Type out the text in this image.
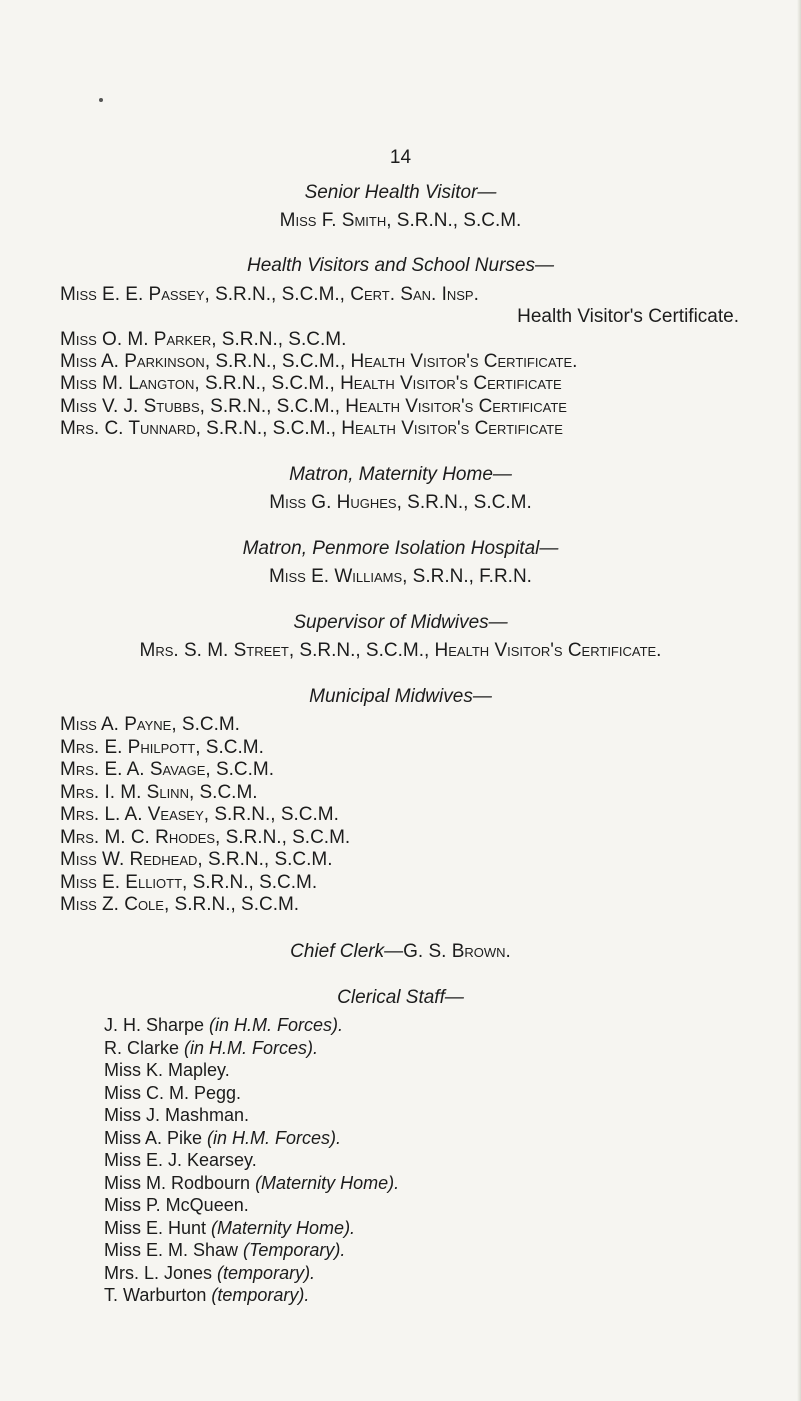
14
Senior Health Visitor—
Miss F. Smith, S.R.N., S.C.M.
Health Visitors and School Nurses—
Miss E. E. Passey, S.R.N., S.C.M., Cert. San. Insp.
Health Visitor's Certificate.
Miss O. M. Parker, S.R.N., S.C.M.
Miss A. Parkinson, S.R.N., S.C.M., Health Visitor's Certificate.
Miss M. Langton, S.R.N., S.C.M., Health Visitor's Certificate
Miss V. J. Stubbs, S.R.N., S.C.M., Health Visitor's Certificate
Mrs. C. Tunnard, S.R.N., S.C.M., Health Visitor's Certificate
Matron, Maternity Home—
Miss G. Hughes, S.R.N., S.C.M.
Matron, Penmore Isolation Hospital—
Miss E. Williams, S.R.N., F.R.N.
Supervisor of Midwives—
Mrs. S. M. Street, S.R.N., S.C.M., Health Visitor's Certificate.
Municipal Midwives—
Miss A. Payne, S.C.M.
Mrs. E. Philpott, S.C.M.
Mrs. E. A. Savage, S.C.M.
Mrs. I. M. Slinn, S.C.M.
Mrs. L. A. Veasey, S.R.N., S.C.M.
Mrs. M. C. Rhodes, S.R.N., S.C.M.
Miss W. Redhead, S.R.N., S.C.M.
Miss E. Elliott, S.R.N., S.C.M.
Miss Z. Cole, S.R.N., S.C.M.
Chief Clerk—G. S. Brown.
Clerical Staff—
J. H. Sharpe (in H.M. Forces).
R. Clarke (in H.M. Forces).
Miss K. Mapley.
Miss C. M. Pegg.
Miss J. Mashman.
Miss A. Pike (in H.M. Forces).
Miss E. J. Kearsey.
Miss M. Rodbourn (Maternity Home).
Miss P. McQueen.
Miss E. Hunt (Maternity Home).
Miss E. M. Shaw (Temporary).
Mrs. L. Jones (temporary).
T. Warburton (temporary).
